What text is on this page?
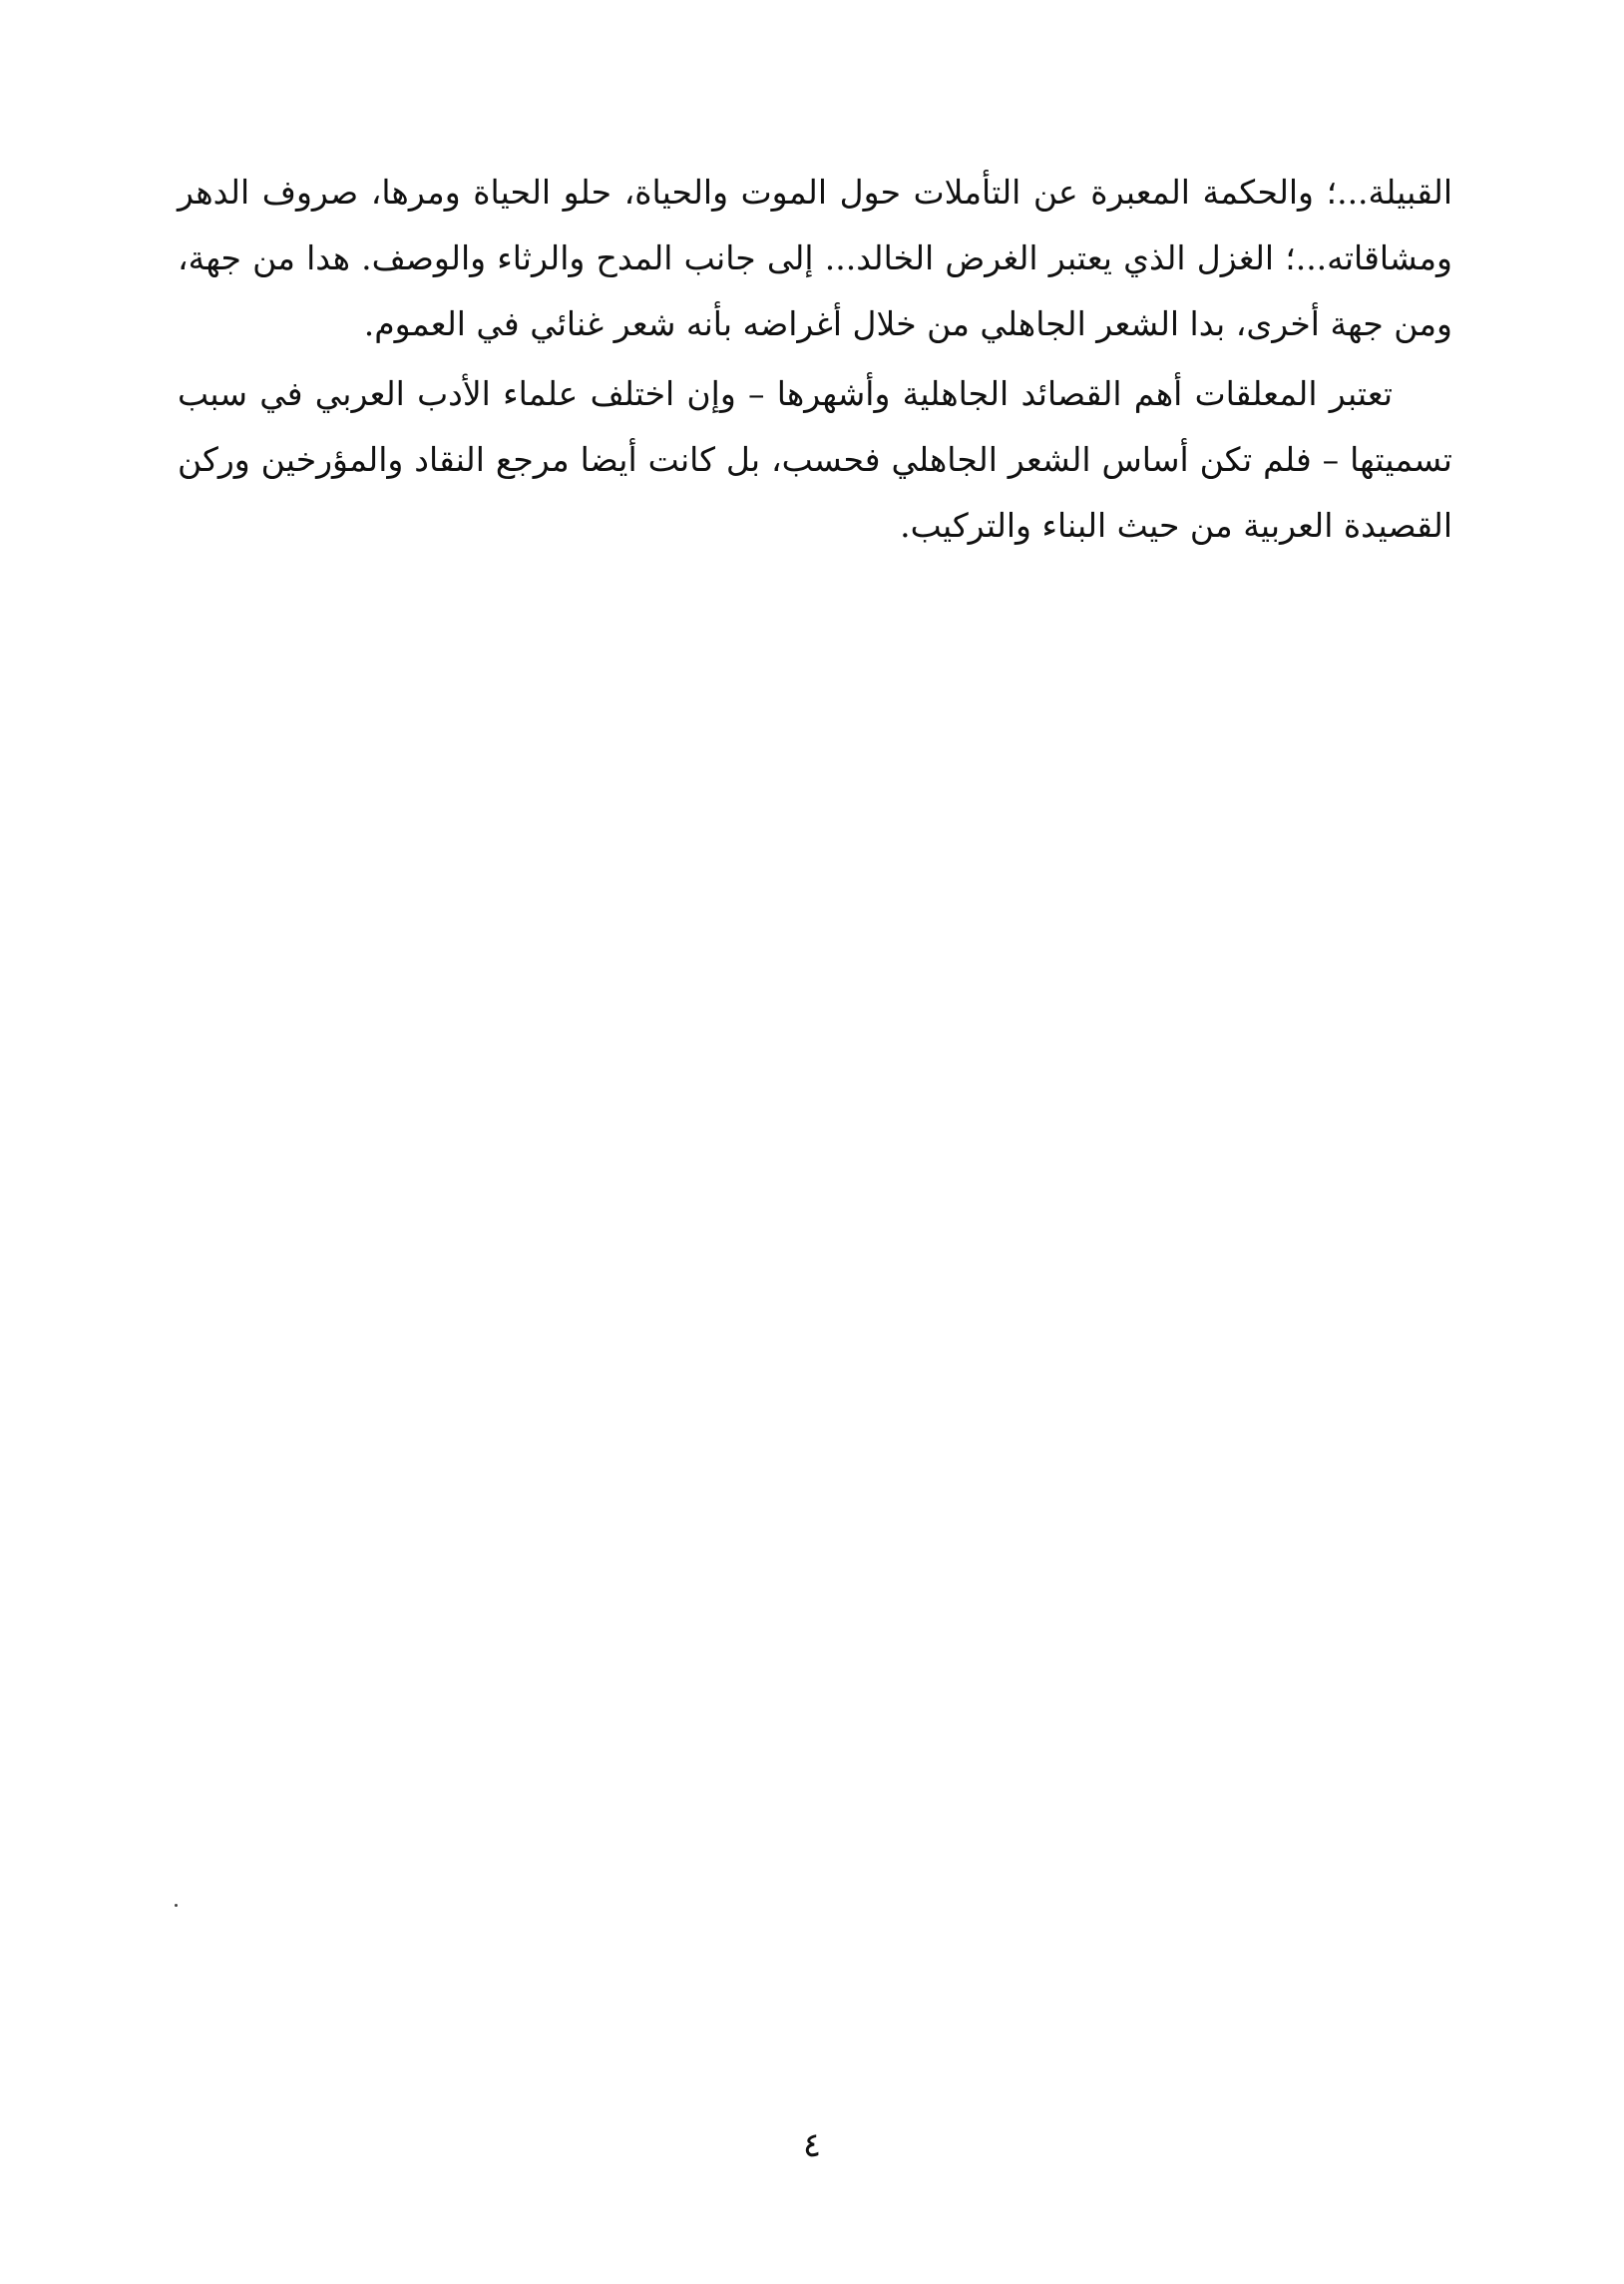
القبيلة...؛ والحكمة المعبرة عن التأملات حول الموت والحياة، حلو الحياة ومرها، صروف الدهر ومشاقاته...؛ الغزل الذي يعتبر الغرض الخالد... إلى جانب المدح والرثاء والوصف. هدا من جهة، ومن جهة أخرى، بدا الشعر الجاهلي من خلال أغراضه بأنه شعر غنائي في العموم.

تعتبر المعلقات أهم القصائد الجاهلية وأشهرها – وإن اختلف علماء الأدب العربي في سبب تسميتها – فلم تكن أساس الشعر الجاهلي فحسب، بل كانت أيضا مرجع النقاد والمؤرخين وركن القصيدة العربية من حيث البناء والتركيب.

٤
